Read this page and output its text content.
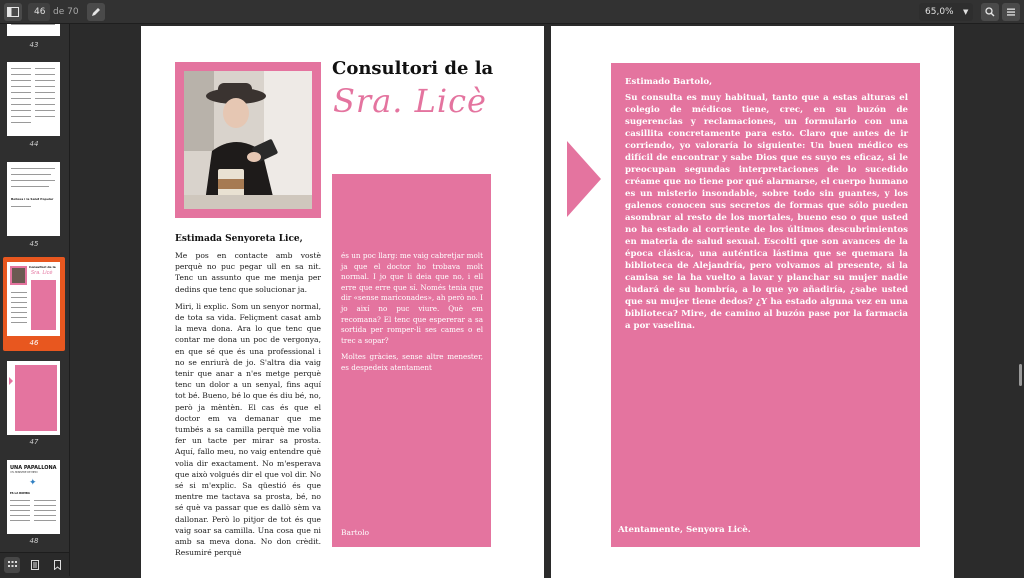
46 de 70	65,0%	▼
43
44
Bellesa i la Salut Popular
45
Consultori de la
Sra. Licè
46
47
UNA PAPALLONA
I EL MINISTRE DE MEDI
✦
ES LA BOMBA
48
Consultori de la
Sra. Licè
Estimada Senyoreta Lice,

Me pos en contacte amb vostè perquè no puc pegar ull en sa nit. Tenc un assunto que me menja per dedins que tenc que solucionar ja.

Miri, li explic. Som un senyor normal, de tota sa vida. Feliçment casat amb la meva dona. Ara lo que tenc que contar me dona un poc de vergonya, en que sé que és una professional i no se enriurà de jo. S'altra dia vaig tenir que anar a n'es metge perquè tenc un dolor a un senyal, fins aquí tot bé. Bueno, bé lo que és diu bé, no, però ja mèntèn. El cas és que el doctor em va demanar que me tumbés a sa camilla perquè me volia fer un tacte per mirar sa prosta. Aquí, fallo meu, no vaig entendre què volia dir exactament. No m'esperava que això volgués dir el que vol dir. No sé si m'explic. Sa qüestió és que mentre me tactava sa prosta, bé, no sé què va passar que es dallò sèm va dallonar. Però lo pitjor de tot és que vaig soar sa camilla. Una cosa que ni amb sa meva dona. No don crèdit. Resumiré perquè

és un poc llarg: me vaig cabretjar molt ja que el doctor ho trobava molt normal. I jo que li deia que no, i ell erre que erre que sí. Només tenia que dir «sense mariconades», ah però no. I jo així no puc viure. Què em recomana? El tenc que espererar a sa sortida per romper-li ses cames o el trec a sopar?

Moltes gràcies, sense altre menester, es despedeix atentament

Bartolo
Estimado Bartolo,
Su consulta es muy habitual, tanto que a estas alturas el colegio de médicos tiene, crec, en su buzón de sugerencias y reclamaciones, un formulario con una casillita concretamente para esto. Claro que antes de ir corriendo, yo valoraría lo siguiente: Un buen médico es difícil de encontrar y sabe Dios que es suyo es eficaz, si le preocupan segundas interpretaciones de lo sucedido créame que no tiene por qué alarmarse, el cuerpo humano es un misterio insondable, sobre todo sin guantes, y los galenos conocen sus secretos de formas que sólo pueden asombrar al resto de los mortales, bueno eso o que usted no ha estado al corriente de los últimos descubrimientos en materia de salud sexual. Escolti que son avances de la época clásica, una auténtica lástima que se quemara la biblioteca de Alejandría, pero volvamos al presente, si la camisa se la ha vuelto a lavar y planchar su mujer nadie dudará de su hombría, a lo que yo añadiría, ¿sabe usted que su mujer tiene dedos? ¿Y ha estado alguna vez en una biblioteca? Mire, de camino al buzón pase por la farmacia a por vaselina.
Atentamente, Senyora Licè.
